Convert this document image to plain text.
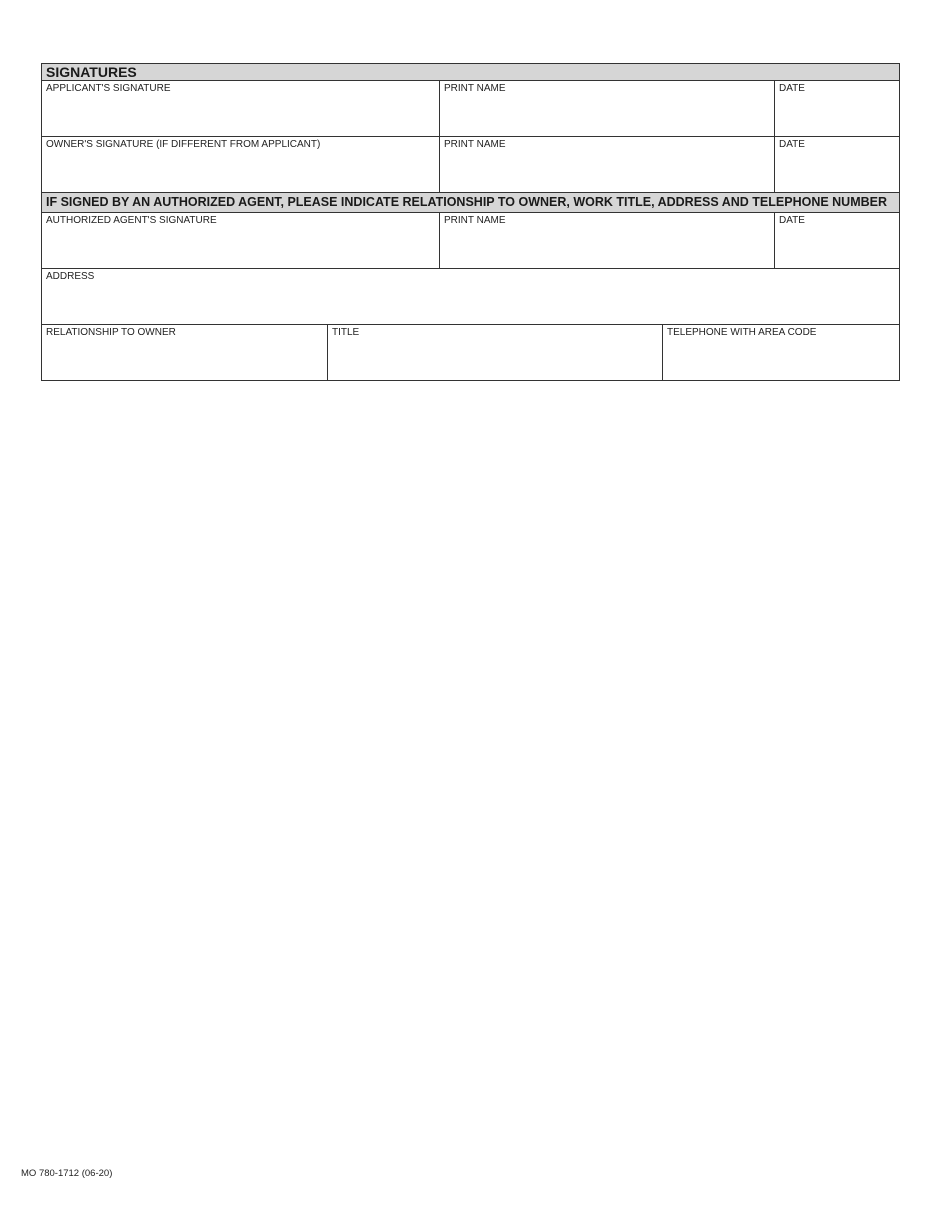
SIGNATURES
APPLICANT'S SIGNATURE	PRINT NAME	DATE
OWNER'S SIGNATURE (IF DIFFERENT FROM APPLICANT)	PRINT NAME	DATE
IF SIGNED BY AN AUTHORIZED AGENT, PLEASE INDICATE RELATIONSHIP TO OWNER, WORK TITLE, ADDRESS AND TELEPHONE NUMBER
AUTHORIZED AGENT'S SIGNATURE	PRINT NAME	DATE
ADDRESS
RELATIONSHIP TO OWNER	TITLE	TELEPHONE WITH AREA CODE
MO 780-1712 (06-20)
